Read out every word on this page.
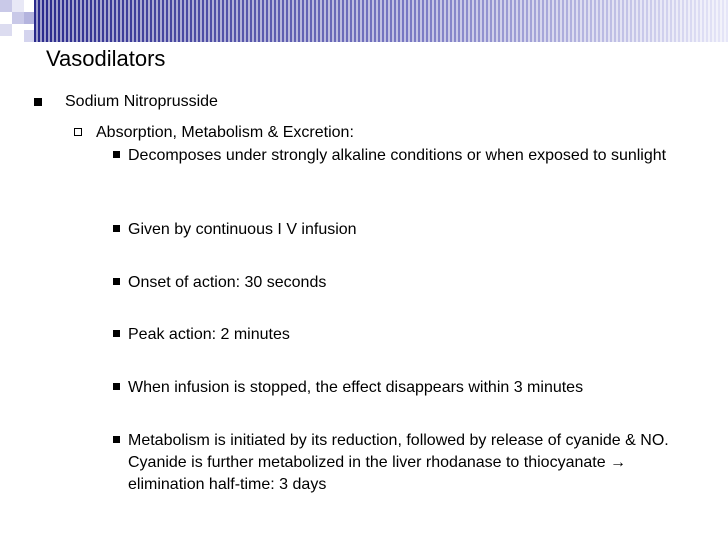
Vasodilators
Sodium Nitroprusside
Absorption, Metabolism & Excretion:
Decomposes under strongly alkaline conditions or when exposed to sunlight
Given by continuous I V infusion
Onset of action: 30 seconds
Peak action: 2 minutes
When infusion is stopped, the effect disappears within 3 minutes
Metabolism is initiated by its reduction, followed by release of cyanide & NO. Cyanide is further metabolized in the liver rhodanase to thiocyanate → elimination half-time: 3 days
